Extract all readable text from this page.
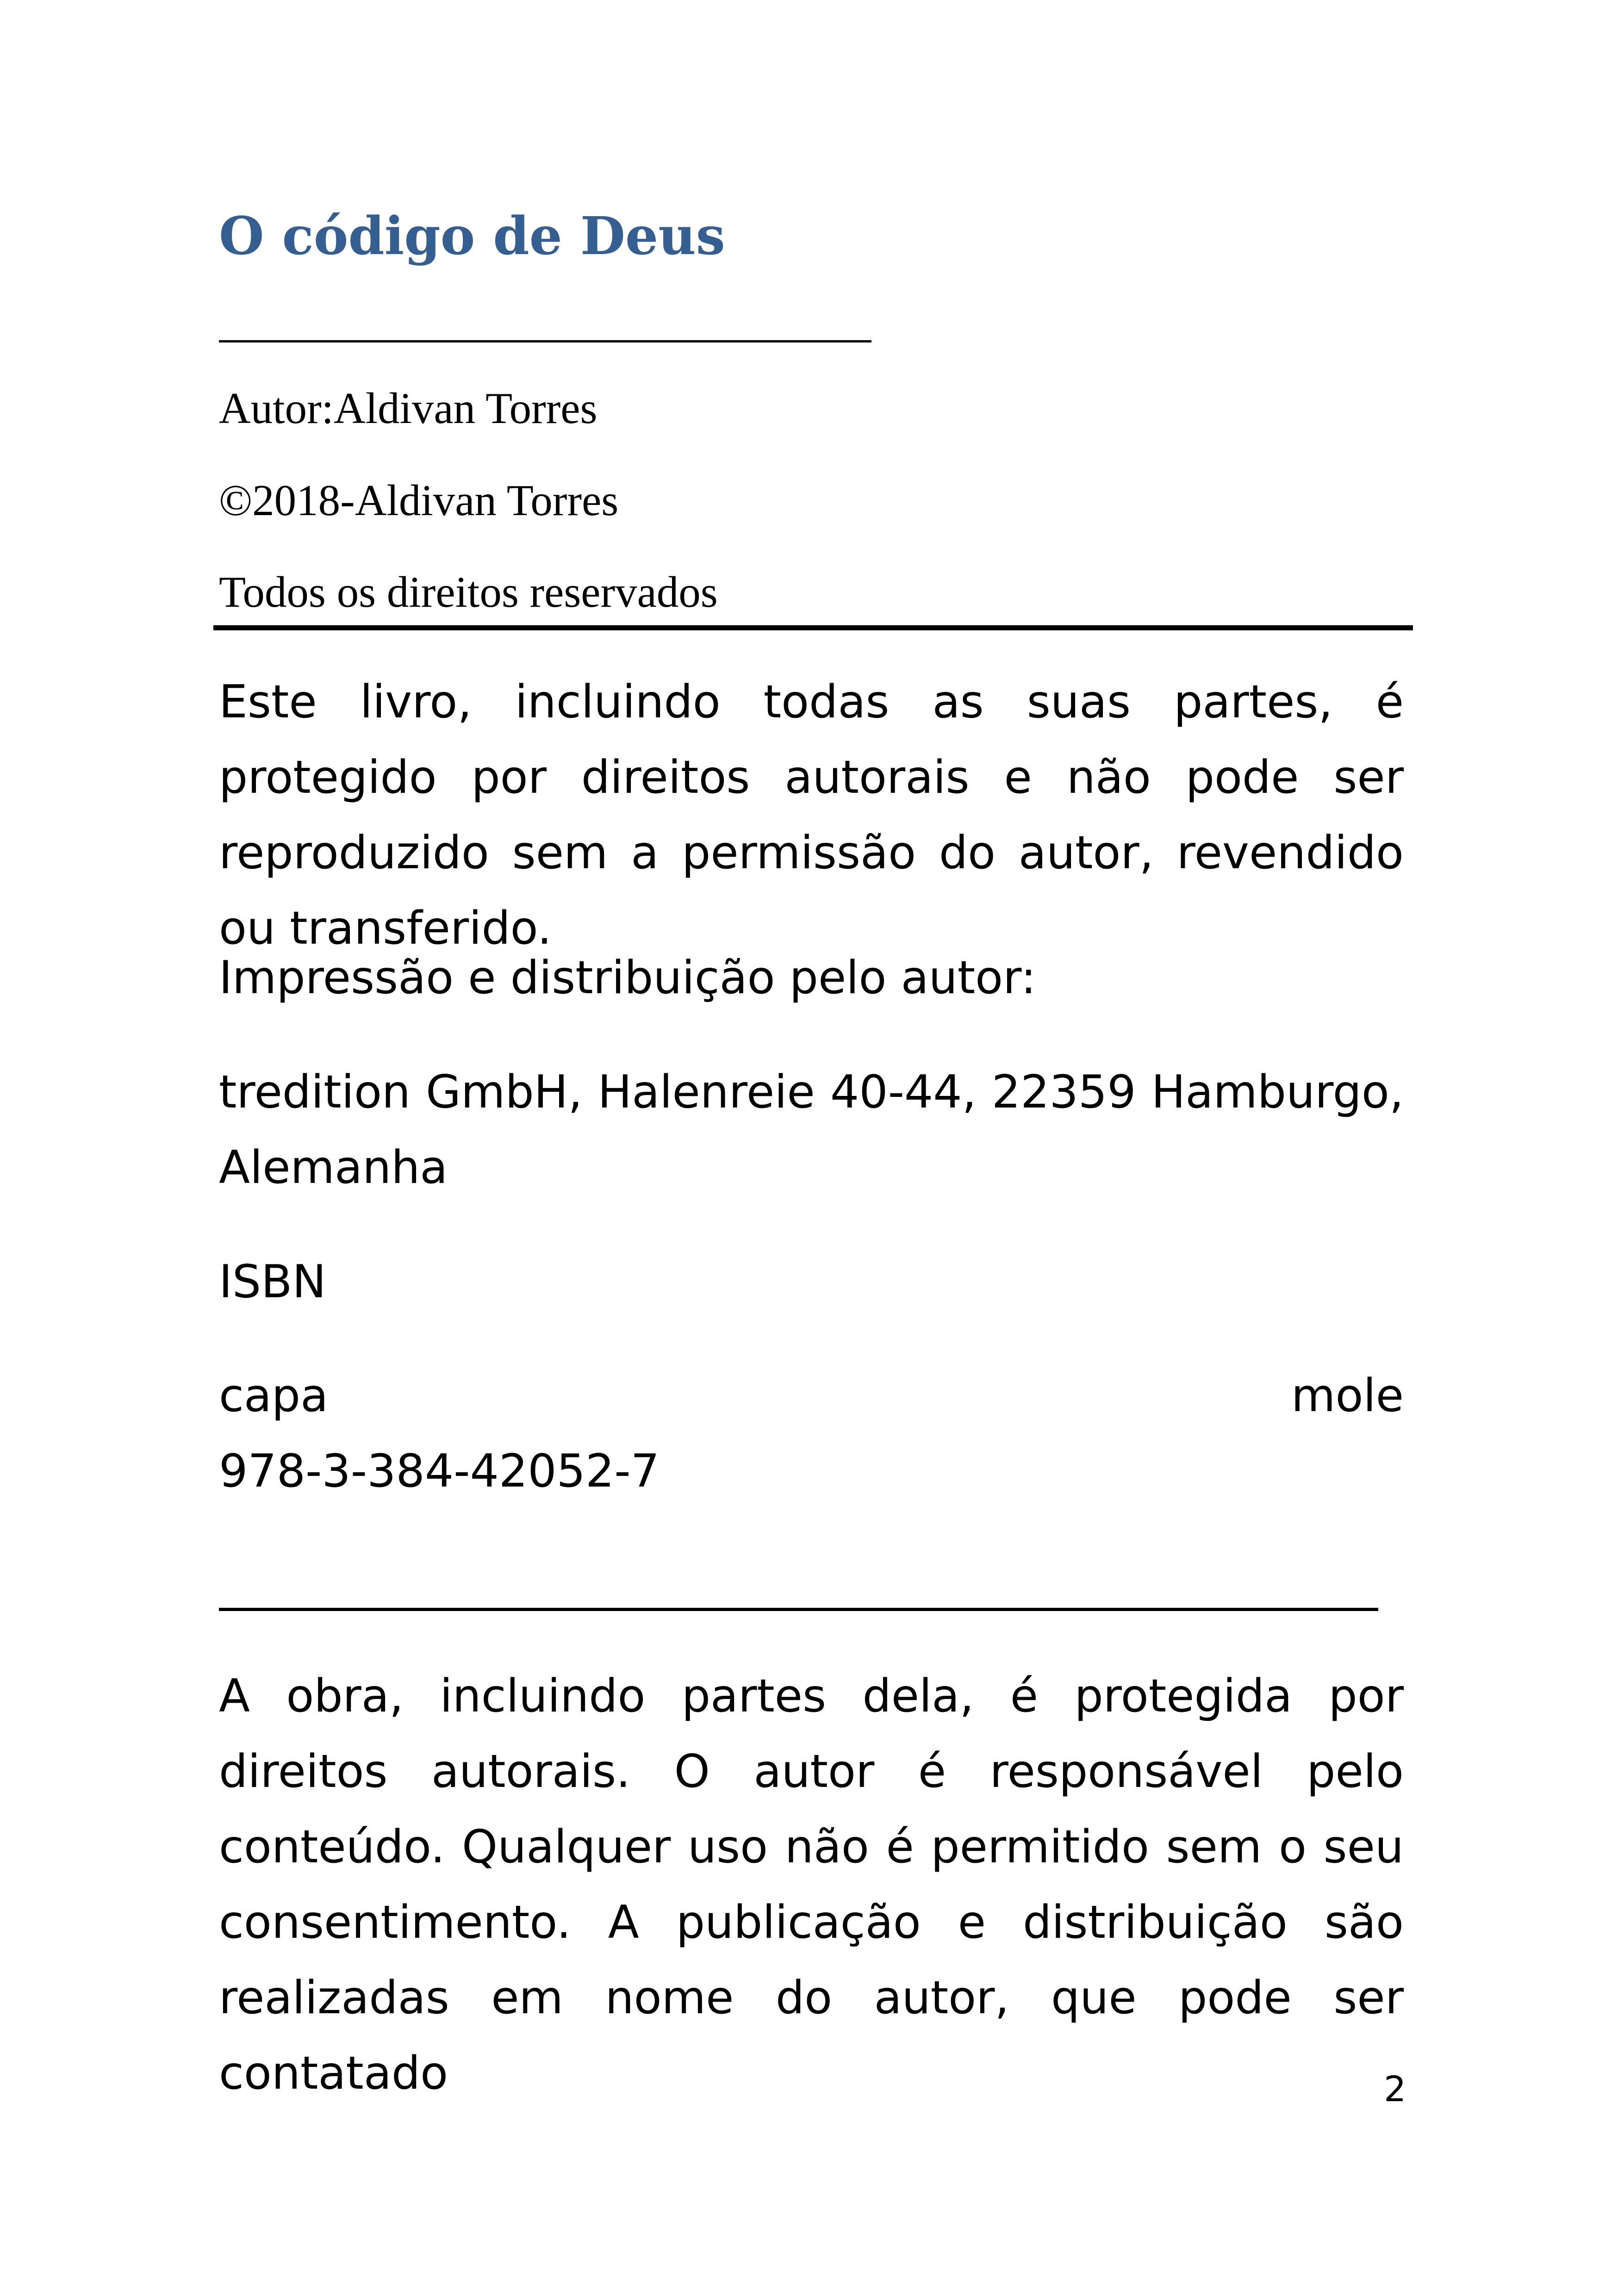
O código de Deus

Autor:Aldivan Torres

©2018-Aldivan Torres

Todos os direitos reservados

Este livro, incluindo todas as suas partes, é protegido por direitos autorais e não pode ser reproduzido sem a permissão do autor, revendido ou transferido.

Impressão e distribuição pelo autor:

tredition GmbH, Halenreie 40-44, 22359 Hamburgo, Alemanha

ISBN

capa	mole
978-3-384-42052-7

A obra, incluindo partes dela, é protegida por direitos autorais. O autor é responsável pelo conteúdo. Qualquer uso não é permitido sem o seu consentimento. A publicação e distribuição são realizadas em nome do autor, que pode ser contatado	2
